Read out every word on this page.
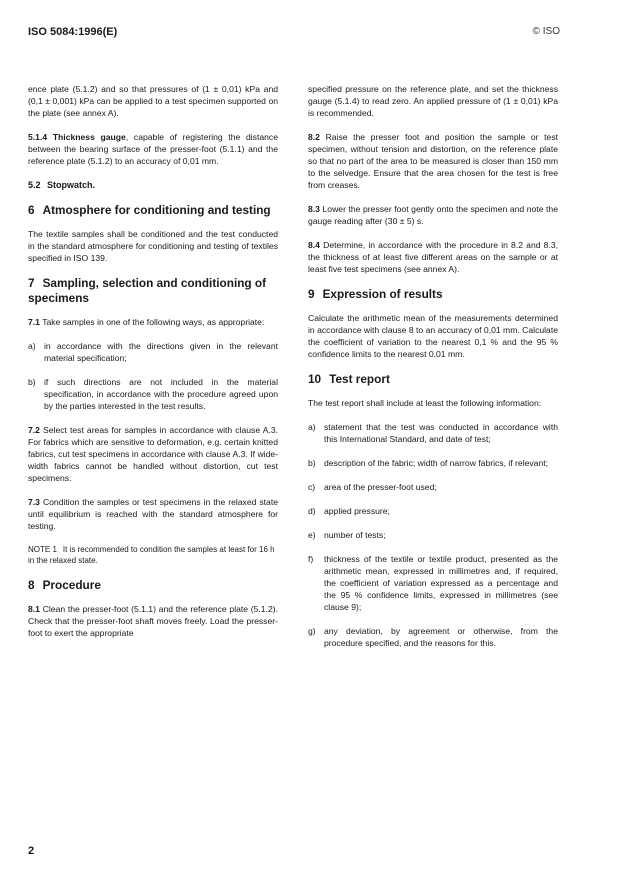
ISO 5084:1996(E)	© ISO

ence plate (5.1.2) and so that pressures of (1 ± 0,01) kPa and (0,1 ± 0,001) kPa can be applied to a test specimen supported on the plate (see annex A).

5.1.4 Thickness gauge, capable of registering the distance between the bearing surface of the presser-foot (5.1.1) and the reference plate (5.1.2) to an accuracy of 0,01 mm.

5.2 Stopwatch.
6 Atmosphere for conditioning and testing

The textile samples shall be conditioned and the test conducted in the standard atmosphere for conditioning and testing of textiles specified in ISO 139.

7 Sampling, selection and conditioning of specimens

7.1 Take samples in one of the following ways, as appropriate:

a) in accordance with the directions given in the relevant material specification;
b) if such directions are not included in the material specification, in accordance with the procedure agreed upon by the parties interested in the test results.

7.2 Select test areas for samples in accordance with clause A.3. For fabrics which are sensitive to deformation, e.g. certain knitted fabrics, cut test specimens in accordance with clause A.3. If wide-width fabrics cannot be handled without distortion, cut test specimens.

7.3 Condition the samples or test specimens in the relaxed state until equilibrium is reached with the standard atmosphere for testing.

NOTE 1 It is recommended to condition the samples at least for 16 h in the relaxed state.
8 Procedure

8.1 Clean the presser-foot (5.1.1) and the reference plate (5.1.2). Check that the presser-foot shaft moves freely. Load the presser-foot to exert the appropriate

specified pressure on the reference plate, and set the thickness gauge (5.1.4) to read zero. An applied pressure of (1 ± 0,01) kPa is recommended.

8.2 Raise the presser foot and position the sample or test specimen, without tension and distortion, on the reference plate so that no part of the area to be measured is closer than 150 mm to the selvedge. Ensure that the area chosen for the test is free from creases.

8.3 Lower the presser foot gently onto the specimen and note the gauge reading after (30 ± 5) s.

8.4 Determine, in accordance with the procedure in 8.2 and 8.3, the thickness of at least five different areas on the sample or at least five test specimens (see annex A).

9 Expression of results

Calculate the arithmetic mean of the measurements determined in accordance with clause 8 to an accuracy of 0,01 mm. Calculate the coefficient of variation to the nearest 0,1 % and the 95 % confidence limits to the nearest 0,01 mm.

10 Test report

The test report shall include at least the following information:

a) statement that the test was conducted in accordance with this International Standard, and date of test;
b) description of the fabric; width of narrow fabrics, if relevant;
c)	area of the presser-foot used;
d) applied pressure;
e) number of tests;
f)	thickness of the textile or textile product, presented as the arithmetic mean, expressed in millimetres and, if required, the coefficient of variation expressed as a percentage and the 95 % confidence limits, expressed in millimetres (see clause 9);
g) any deviation, by agreement or otherwise, from the procedure specified, and the reasons for this.
2
